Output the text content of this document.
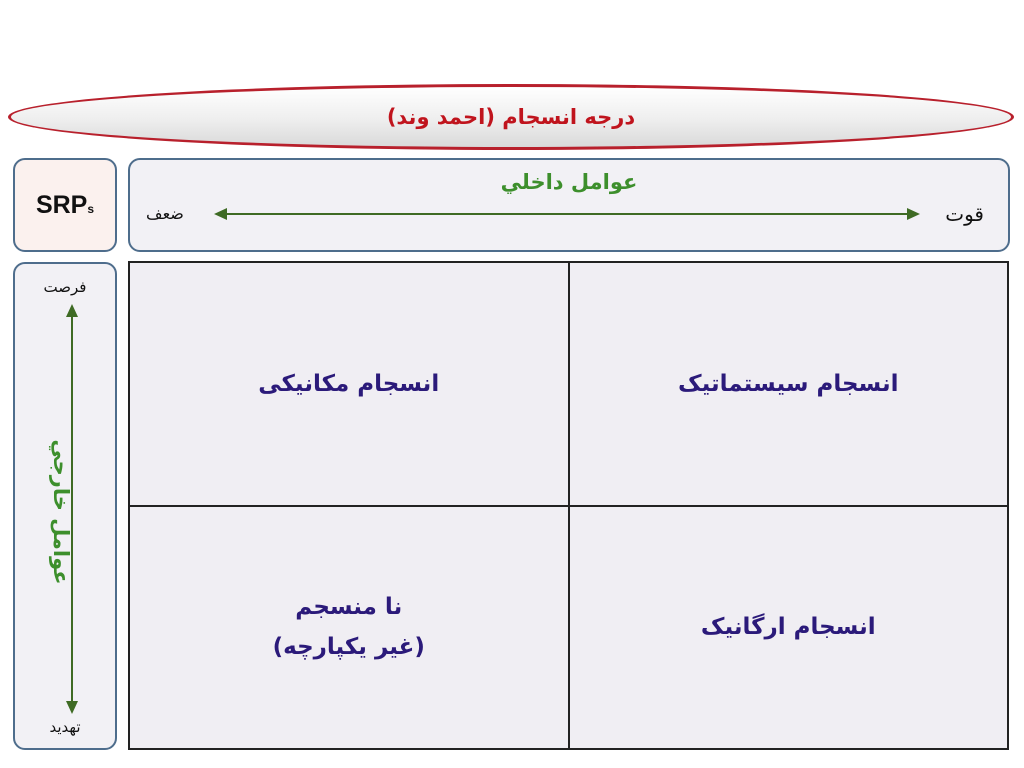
درجه انسجام (احمد وند)
SRPs
عوامل داخلي
ضعف	قوت
فرصت
عوامل خارجي
تهدید
انسجام مکانیکی	انسجام سیستماتیک
نا منسجم
(غیر یکپارچه)
انسجام ارگانیک
